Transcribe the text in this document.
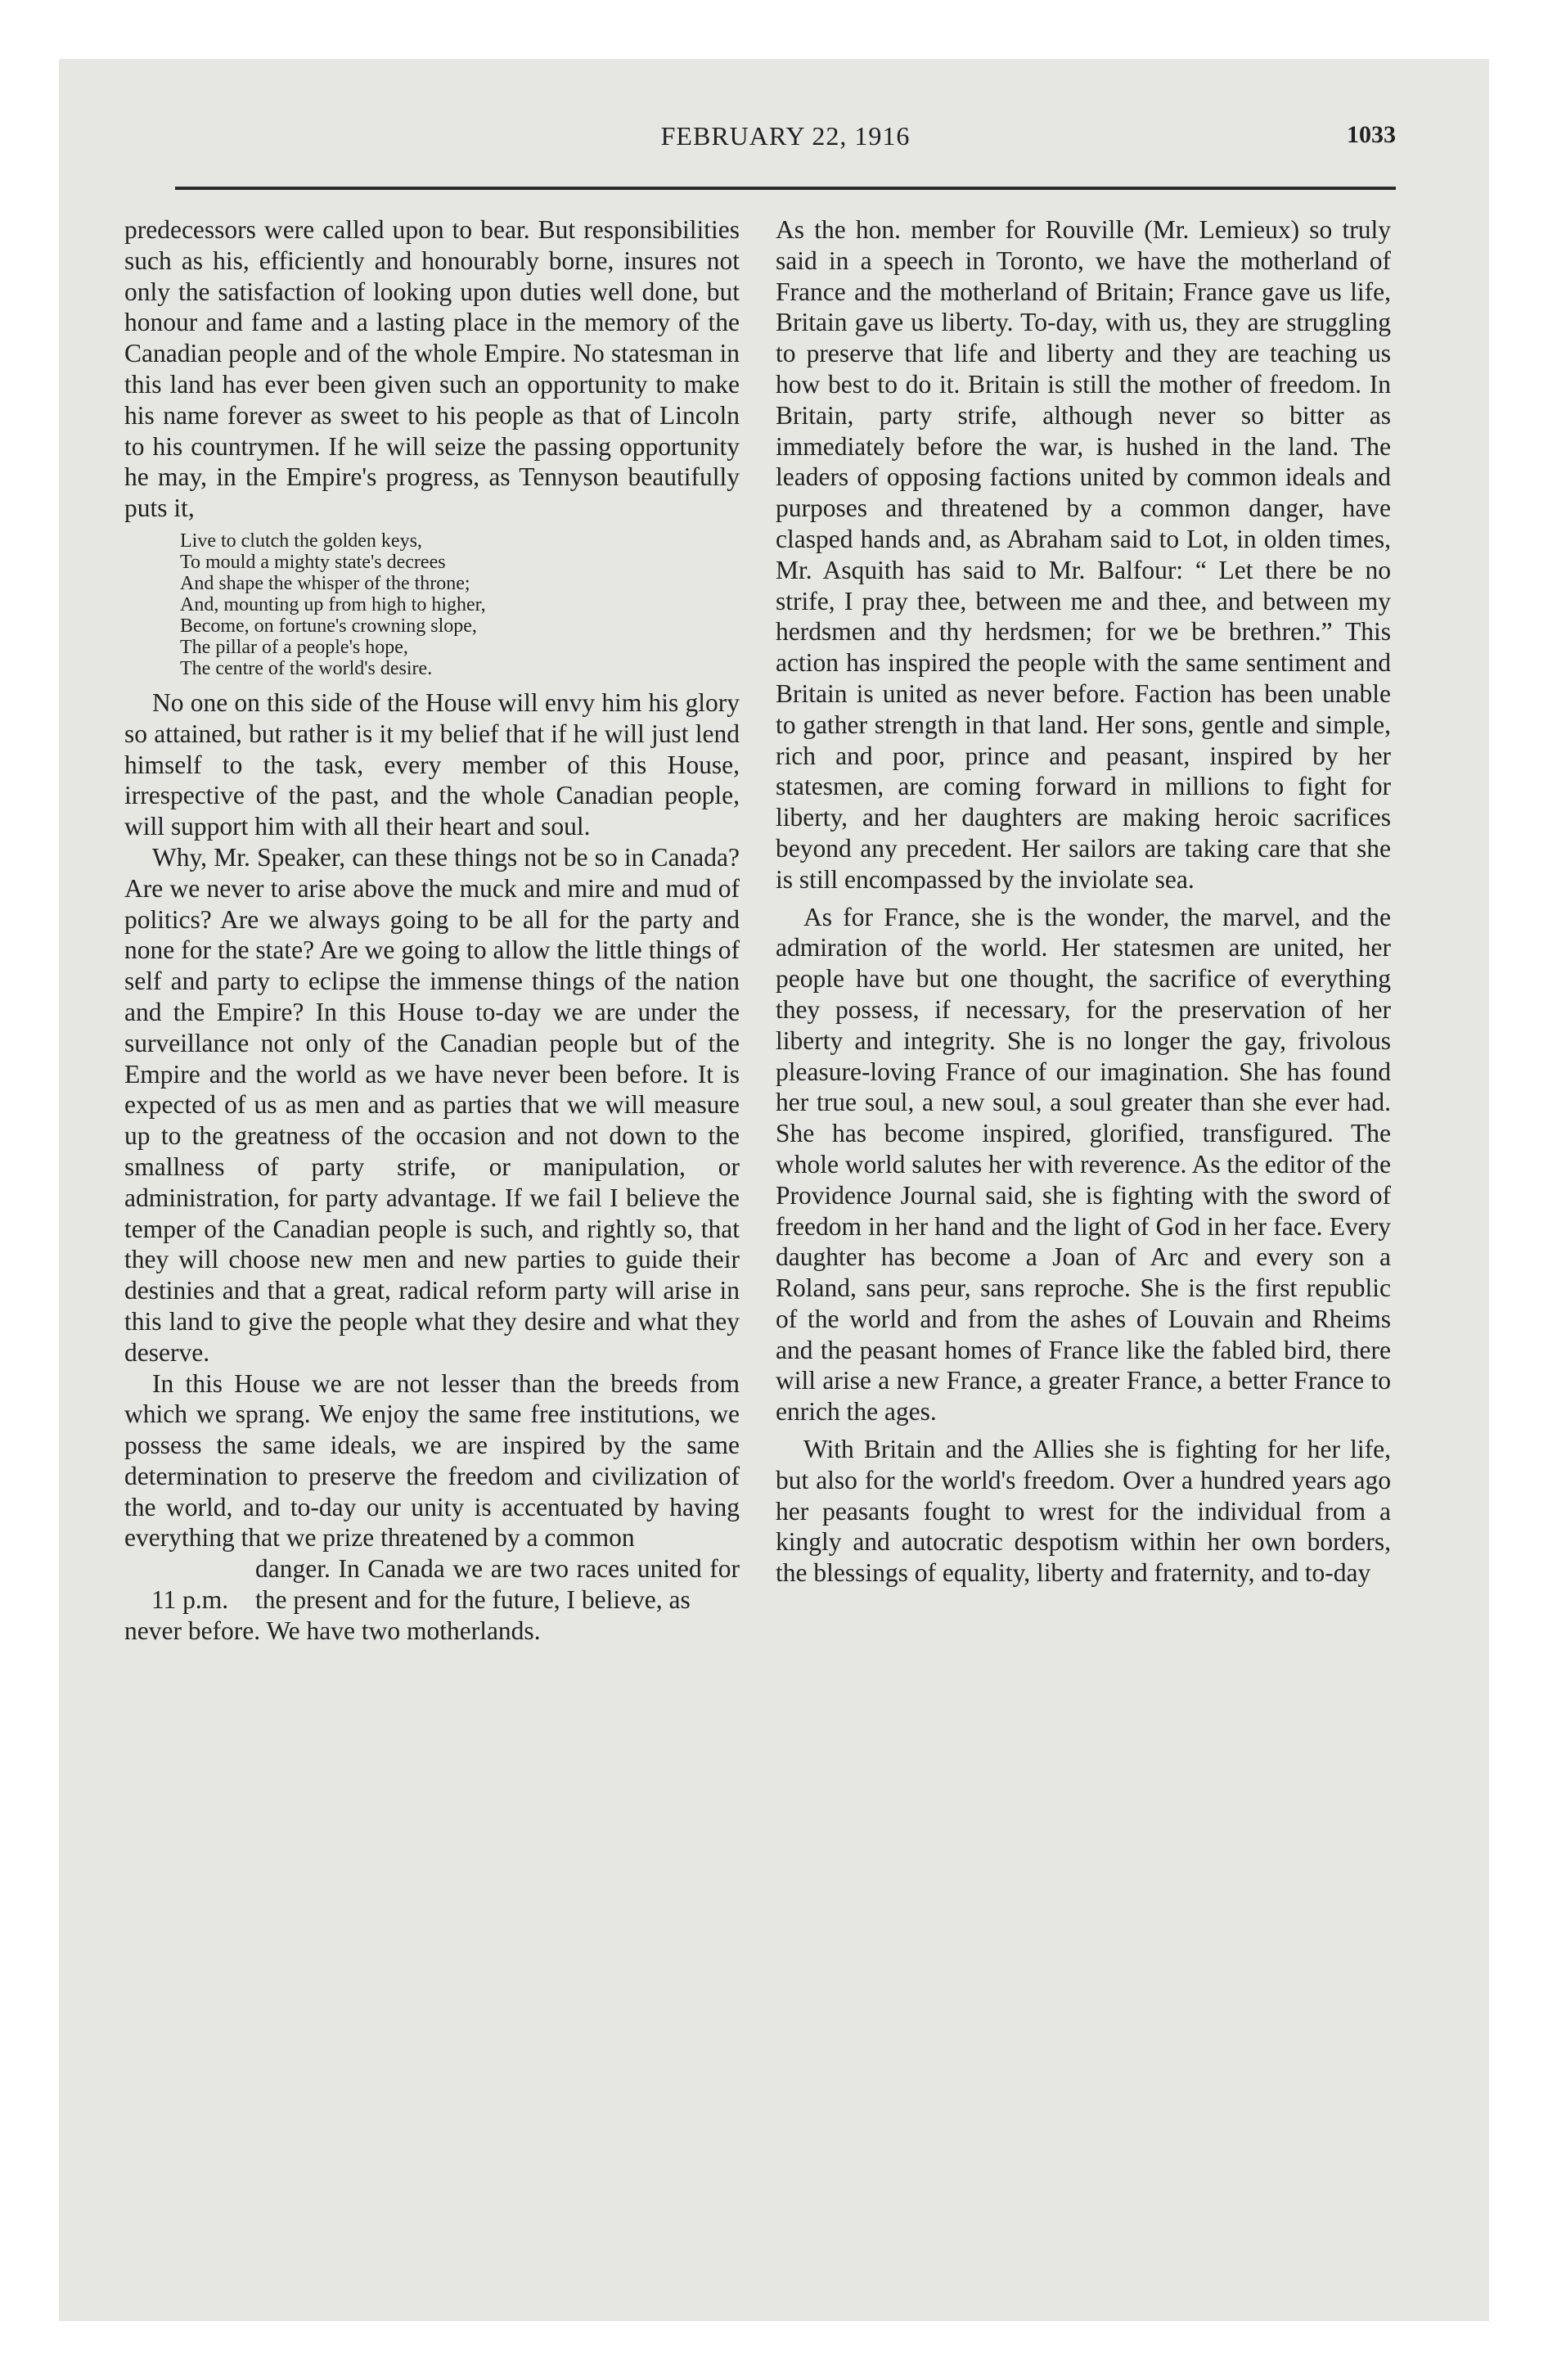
FEBRUARY 22, 1916	1033

predecessors were called upon to bear. But responsibilities such as his, efficiently and honourably borne, insures not only the satisfaction of looking upon duties well done, but honour and fame and a lasting place in the memory of the Canadian people and of the whole Empire. No statesman in this land has ever been given such an opportunity to make his name forever as sweet to his people as that of Lincoln to his countrymen. If he will seize the passing opportunity he may, in the Empire's progress, as Tennyson beautifully puts it,

Live to clutch the golden keys,
To mould a mighty state's decrees
And shape the whisper of the throne;
And, mounting up from high to higher,
Become, on fortune's crowning slope,
The pillar of a people's hope,
The centre of the world's desire.

No one on this side of the House will envy him his glory so attained, but rather is it my belief that if he will just lend himself to the task, every member of this House, irrespective of the past, and the whole Canadian people, will support him with all their heart and soul.

Why, Mr. Speaker, can these things not be so in Canada? Are we never to arise above the muck and mire and mud of politics? Are we always going to be all for the party and none for the state? Are we going to allow the little things of self and party to eclipse the immense things of the nation and the Empire? In this House to-day we are under the surveillance not only of the Canadian people but of the Empire and the world as we have never been before. It is expected of us as men and as parties that we will measure up to the greatness of the occasion and not down to the smallness of party strife, or manipulation, or administration, for party advantage. If we fail I believe the temper of the Canadian people is such, and rightly so, that they will choose new men and new parties to guide their destinies and that a great, radical reform party will arise in this land to give the people what they desire and what they deserve.

In this House we are not lesser than the breeds from which we sprang. We enjoy the same free institutions, we possess the same ideals, we are inspired by the same determination to preserve the freedom and civilization of the world, and to-day our unity is accentuated by having everything that we prize threatened by a common

11 p.m.

danger. In Canada we are two races united for the present and for the future, I believe, as

never before. We have two motherlands.

As the hon. member for Rouville (Mr. Lemieux) so truly said in a speech in Toronto, we have the motherland of France and the motherland of Britain; France gave us life, Britain gave us liberty. To-day, with us, they are struggling to preserve that life and liberty and they are teaching us how best to do it. Britain is still the mother of freedom. In Britain, party strife, although never so bitter as immediately before the war, is hushed in the land. The leaders of opposing factions united by common ideals and purposes and threatened by a common danger, have clasped hands and, as Abraham said to Lot, in olden times, Mr. Asquith has said to Mr. Balfour: “ Let there be no strife, I pray thee, between me and thee, and between my herdsmen and thy herdsmen; for we be brethren.” This action has inspired the people with the same sentiment and Britain is united as never before. Faction has been unable to gather strength in that land. Her sons, gentle and simple, rich and poor, prince and peasant, inspired by her statesmen, are coming forward in millions to fight for liberty, and her daughters are making heroic sacrifices beyond any precedent. Her sailors are taking care that she is still encompassed by the inviolate sea.

As for France, she is the wonder, the marvel, and the admiration of the world. Her statesmen are united, her people have but one thought, the sacrifice of everything they possess, if necessary, for the preservation of her liberty and integrity. She is no longer the gay, frivolous pleasure-loving France of our imagination. She has found her true soul, a new soul, a soul greater than she ever had. She has become inspired, glorified, transfigured. The whole world salutes her with reverence. As the editor of the Providence Journal said, she is fighting with the sword of freedom in her hand and the light of God in her face. Every daughter has become a Joan of Arc and every son a Roland, sans peur, sans reproche. She is the first republic of the world and from the ashes of Louvain and Rheims and the peasant homes of France like the fabled bird, there will arise a new France, a greater France, a better France to enrich the ages.

With Britain and the Allies she is fighting for her life, but also for the world's freedom. Over a hundred years ago her peasants fought to wrest for the individual from a kingly and autocratic despotism within her own borders, the blessings of equality, liberty and fraternity, and to-day
